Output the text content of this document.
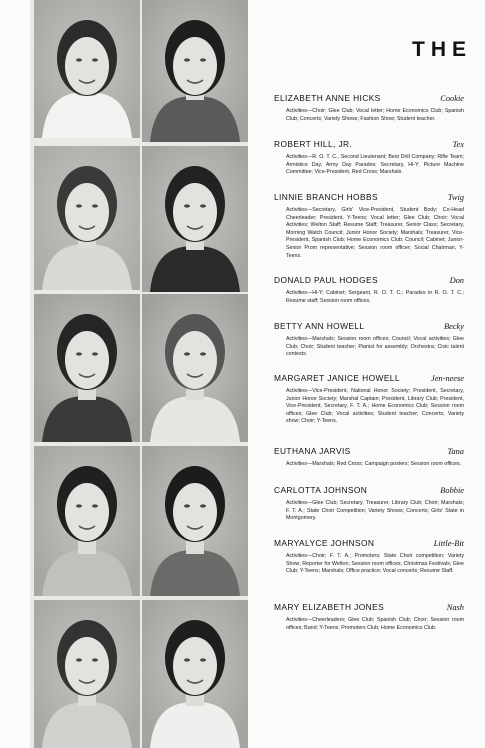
THE
ELIZABETH ANNE HICKS	Cookie
Activities—Choir; Glee Club; Vocal letter; Home Economics Club; Spanish Club; Concerts; Variety Shows; Fashion Show; Student teacher.
ROBERT HILL, JR.	Tex
Activities—R. O. T. C., Second Lieutenant; Best Drill Company; Rifle Team; Armistice Day, Army Day Parades; Secretary, Hi-Y; Picture Machine Committee; Vice-President, Red Cross; Marshals.
LINNIE BRANCH HOBBS	Twig
Activities—Secretary, Girls' Vice-President, Student Body; Co-Head Cheerleader; President, Y-Teens; Vocal letter; Glee Club; Choir; Vocal Activities; Welton Staff; Resume Staff; Treasurer, Senior Class; Secretary, Morning Watch Council; Junior Honor Society; Marshals; Treasurer, Vice-President, Spanish Club; Home Economics Club; Council; Cabinet; Junior-Senior Prom representative; Session room officer; Social Chairman, Y-Teens.
DONALD PAUL HODGES	Don
Activities—Hi-Y; Cabinet; Sergeant, R. O. T. C.; Parades in R. O. T. C.; Resume staff; Session room offices.
BETTY ANN HOWELL	Becky
Activities—Marshals; Session room offices; Council; Vocal activities; Glee Club; Choir; Student teacher; Pianist for assembly; Orchestra; Civic talent contests.
MARGARET JANICE HOWELL	Jen-neese
Activities—Vice-President, National Honor Society; President, Secretary, Junior Honor Society; Marshal Captain; President, Library Club; President, Vice-President, Secretary, F. T. A.; Home Economics Club; Session room offices; Glee Club; Vocal activities; Student teacher; Concerts; Variety show; Choir; Y-Teens.
EUTHANA JARVIS	Tana
Activities—Marshals; Red Cross; Campaign posters; Session room offices.
CARLOTTA JOHNSON	Bobbie
Activities—Glee Club; Secretary, Treasurer, Library Club; Choir; Marshals; F. T. A.; State Choir Competition; Variety Shows; Concerts; Girls' State in Montgomery.
MARYALYCE JOHNSON	Little-Bit
Activities—Choir; F. T. A.; Promoters; State Choir competition; Variety Show; Reporter for Welton; Session room offices; Christmas Festivals; Glee Club; Y-Teens; Marshals; Office practice; Vocal concerts; Resume Staff.
MARY ELIZABETH JONES	Nash
Activities—Cheerleaders; Glee Club; Spanish Club; Choir; Session room offices; Band; Y-Teens; Promoters Club; Home Economics Club.
